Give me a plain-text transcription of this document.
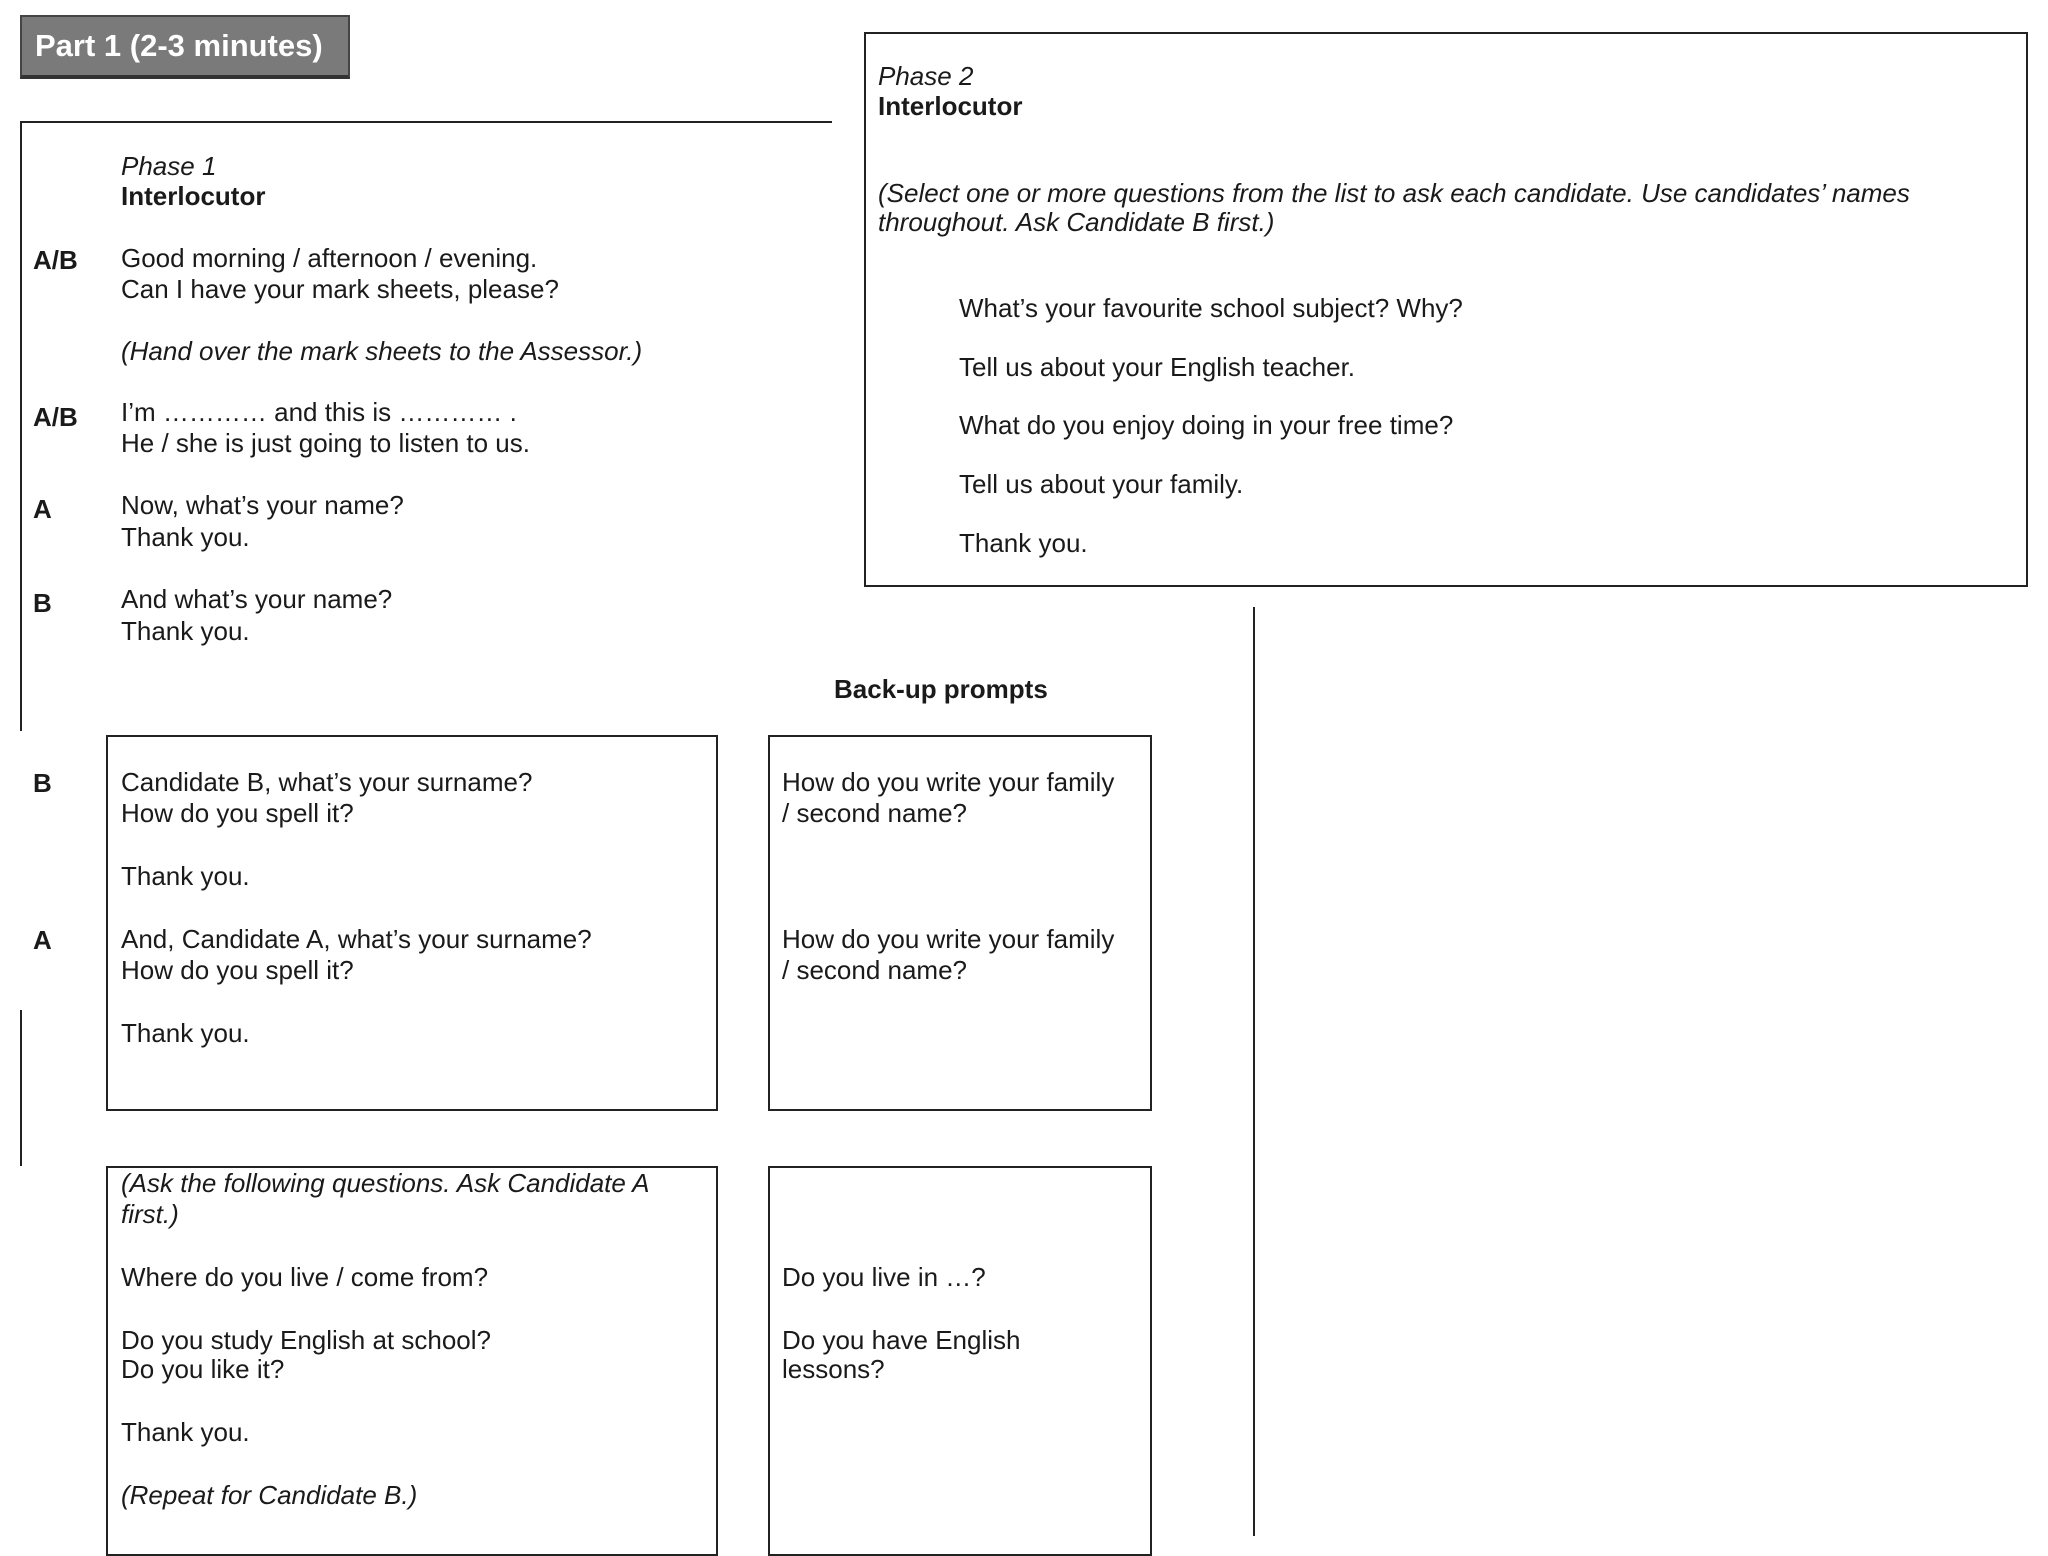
Part 1 (2-3 minutes)
Phase 1
Interlocutor
A/B Good morning / afternoon / evening.
Can I have your mark sheets, please?
(Hand over the mark sheets to the Assessor.)
A/B I’m ………… and this is ………… .
He / she is just going to listen to us.
A	Now, what’s your name?
Thank you.
B	And what’s your name?
Thank you.
Back-up prompts
B	Candidate B, what’s your surname?
How do you spell it?
Thank you.
A	And, Candidate A, what’s your surname?
How do you spell it?
Thank you.
How do you write your family
/ second name?
How do you write your family
/ second name?
(Ask the following questions. Ask Candidate A
first.)
Where do you live / come from?
Do you study English at school?
Do you like it?
Thank you.
(Repeat for Candidate B.)
Do you live in …?
Do you have English
lessons?
Phase 2
Interlocutor
(Select one or more questions from the list to ask each candidate. Use candidates’ names
throughout. Ask Candidate B first.)
What’s your favourite school subject? Why?
Tell us about your English teacher.
What do you enjoy doing in your free time?
Tell us about your family.
Thank you.
